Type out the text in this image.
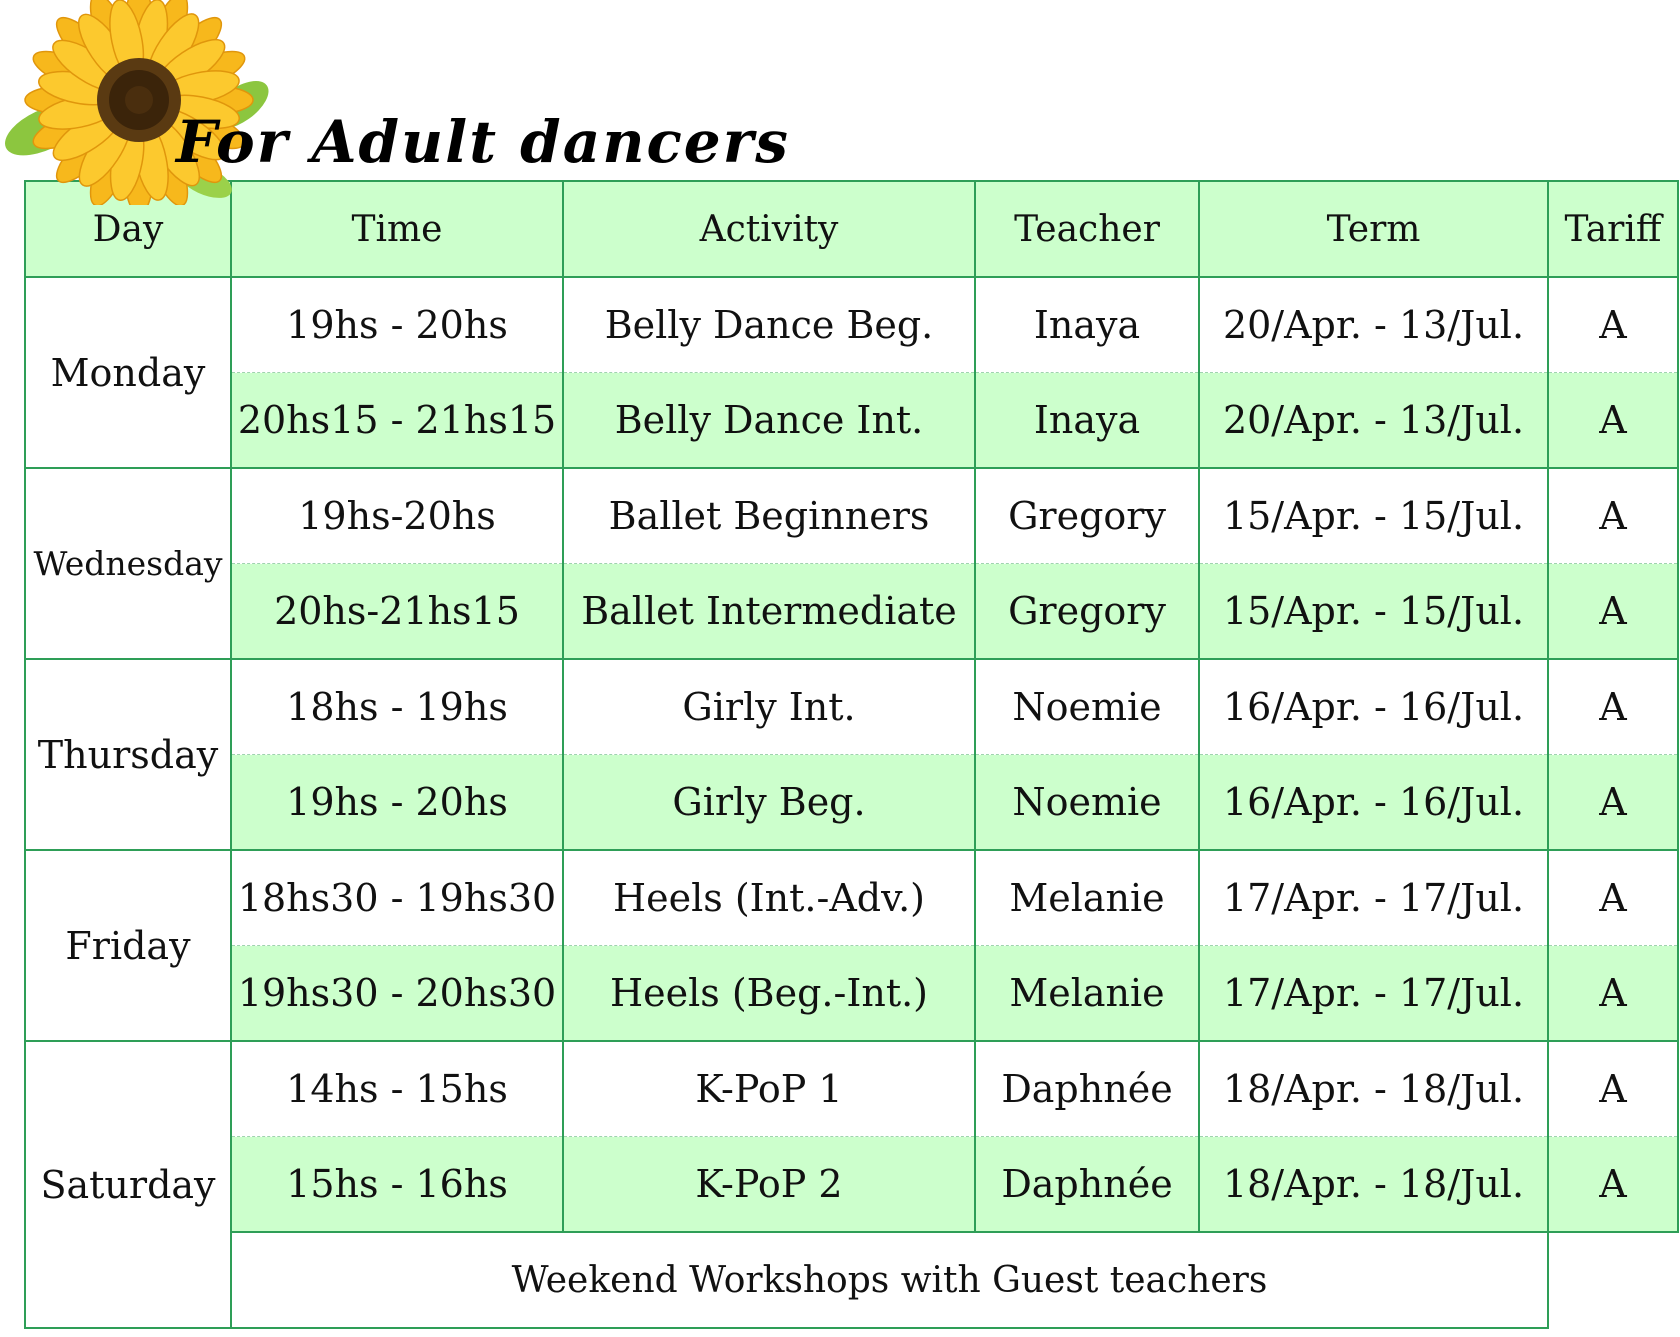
For Adult dancers
Day	Time	Activity	Teacher	Term	Tariff
Monday	19hs - 20hs	Belly Dance Beg.	Inaya	20/Apr. - 13/Jul.	A
	20hs15 - 21hs15	Belly Dance Int.	Inaya	20/Apr. - 13/Jul.	A
Wednesday	19hs-20hs	Ballet Beginners	Gregory	15/Apr. - 15/Jul.	A
	20hs-21hs15	Ballet Intermediate	Gregory	15/Apr. - 15/Jul.	A
Thursday	18hs - 19hs	Girly Int.	Noemie	16/Apr. - 16/Jul.	A
	19hs - 20hs	Girly Beg.	Noemie	16/Apr. - 16/Jul.	A
Friday	18hs30 - 19hs30	Heels (Int.-Adv.)	Melanie	17/Apr. - 17/Jul.	A
	19hs30 - 20hs30	Heels (Beg.-Int.)	Melanie	17/Apr. - 17/Jul.	A
Saturday	14hs - 15hs	K-PoP 1	Daphnée	18/Apr. - 18/Jul.	A
	15hs - 16hs	K-PoP 2	Daphnée	18/Apr. - 18/Jul.	A
	Weekend Workshops with Guest teachers				
